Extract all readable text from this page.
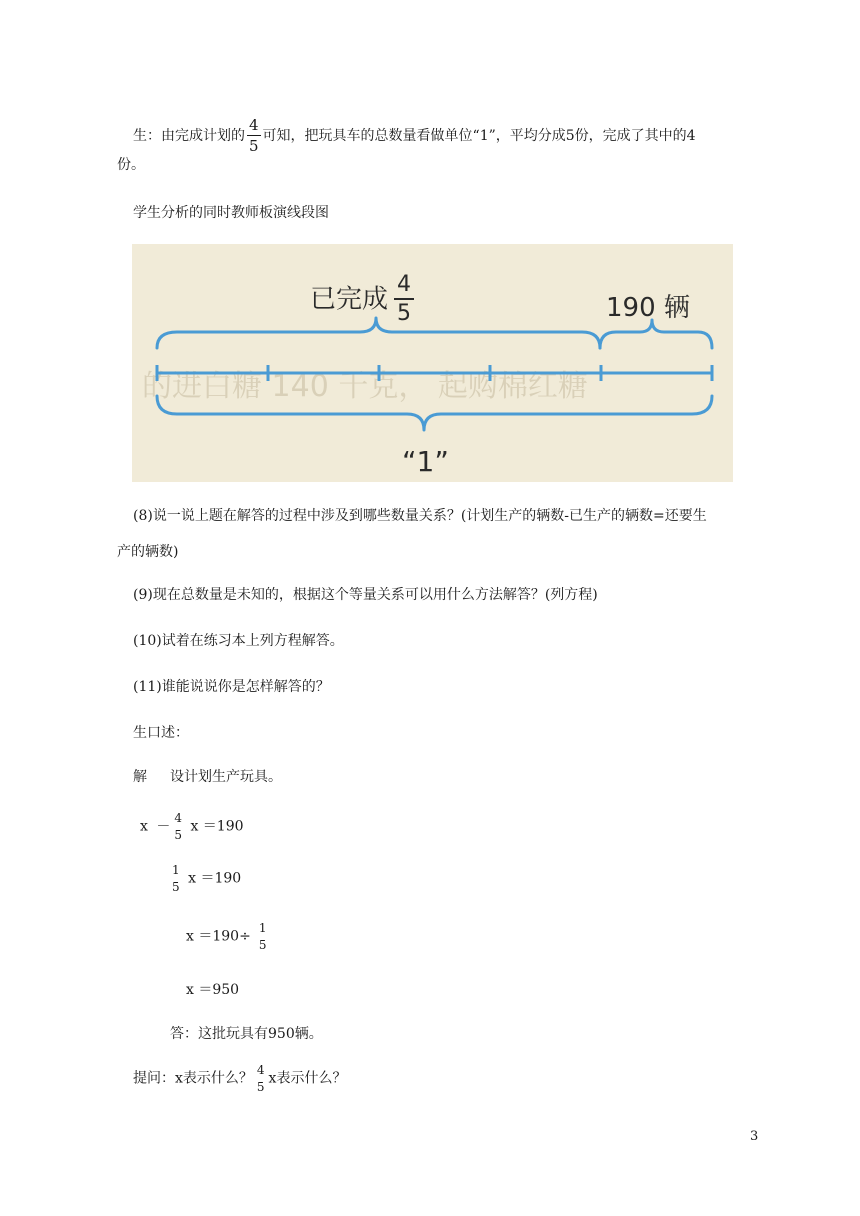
生：由完成计划的 $\frac{4}{5}$ 可知，把玩具车的总数量看做单位“1”，平均分成5份，完成了其中的4
份。
学生分析的同时教师板演线段图
的进白糖 140 千克， 起购棉红糖
已完成 $\frac{4}{5}$	190 辆
“1”
(8)说一说上题在解答的过程中涉及到哪些数量关系？(计划生产的辆数-已生产的辆数=还要生
产的辆数)
(9)现在总数量是未知的，根据这个等量关系可以用什么方法解答？(列方程)
(10)试着在练习本上列方程解答。
(11)谁能说说你是怎样解答的？
生口述：
解 设计划生产玩具。
x －
4
5
x ＝190
1
5
x ＝190
x ＝190÷
1
5
x ＝950
答：这批玩具有950辆。
提问：x表示什么？
4
5
x表示什么？
3
